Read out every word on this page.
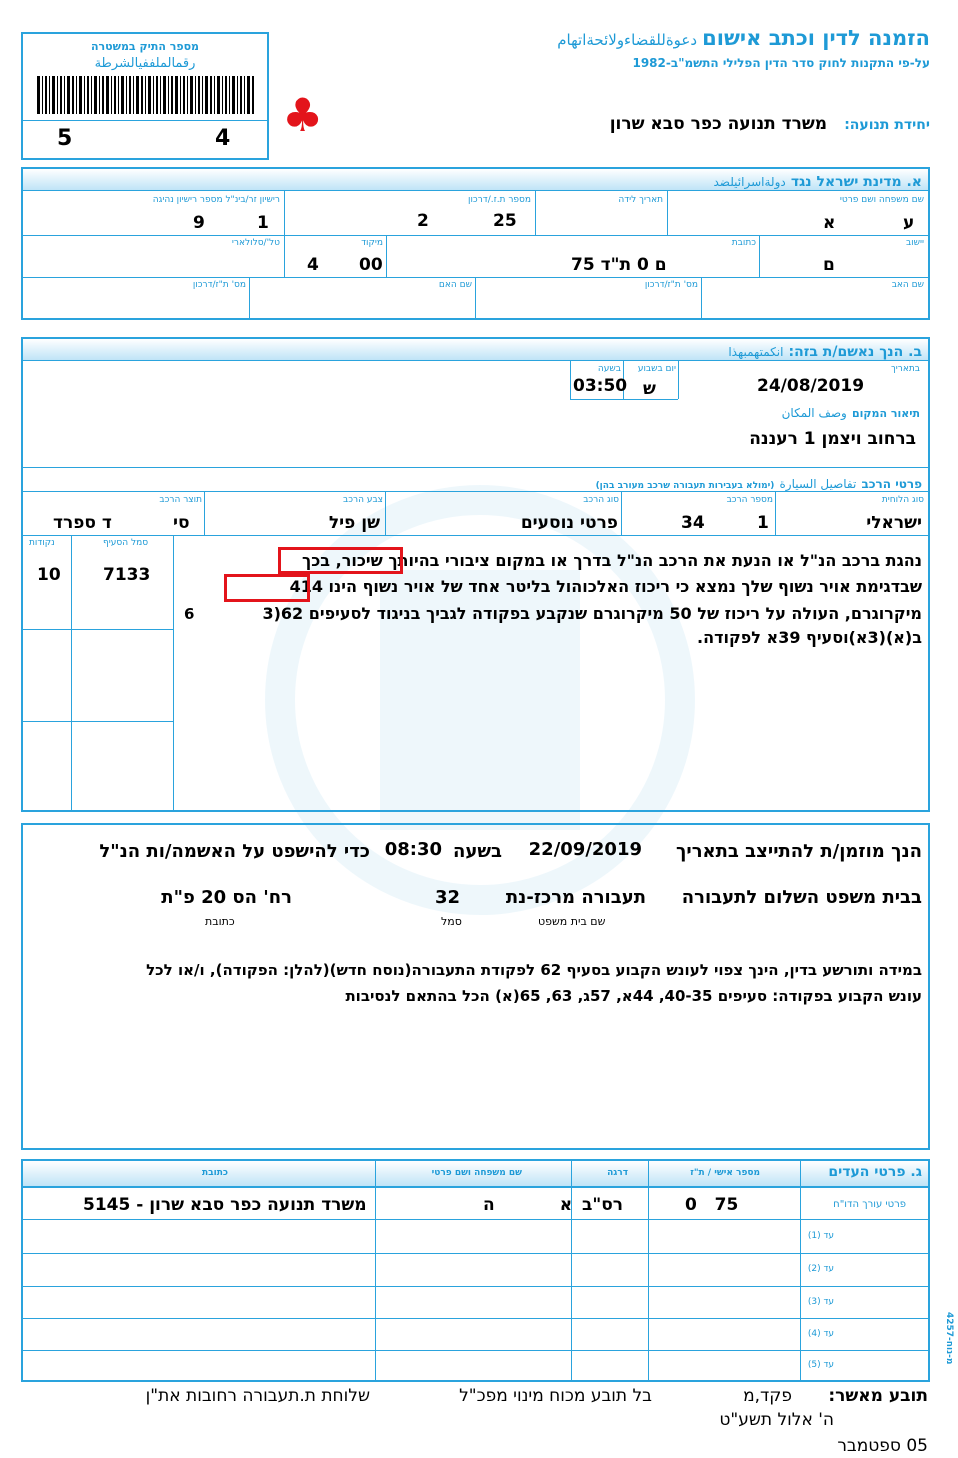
מספר התיק במשטרה
رقمالملففيالشرطة
5	4 ♣
הזמנה לדין וכתב אישום دعوةللقضاءولائحةاتهام
על-פי התקנות לחוק סדר הדין הפלילי התשמ"ב-1982
יחידת תנועה: משרד תנועה כפר סבא שרון
א. מדינת ישראל נגד دولةاسرائيلضد
שם משפחה ושם פרטי
תאריך לידה
מספר ת.ז./דרכון
רישיון זר/בינ"ל מספר רישיון נהיגה
ע
א
25
2
1
9
יישוב
כתובת
מיקוד
טל'/סלולארי
ם
ם 0 ת"ד 75
00
4
שם האב
מס' ת"ז/דרכון
שם האם
מס' ת"ז/דרכון
ב. הנך נאשם/ת בזה: انكمتهمبهذا
בתאריך
יום בשבוע
בשעה
24/08/2019
ש
03:50
תיאור המקום وصف المكان
ברחוב ויצמן 1 רעננה
פרטי הרכב تفاصيل السيارة (ימולא בעבירות תעבורה שרכב מעורב בהן)
סוג הלוחית
מספר הרכב
סוג הרכב
צבע הרכב
תוצר הרכב
ישראלי
1
34
פרטי נוסעים
שן פיל
סי
ד ספרד
נקודות	סמל הסעיף
10 7133
6
נהגת ברכב הנ"ל או הנעת את הרכב הנ"ל בדרך או במקום ציבורי בהיותך שיכור, בכך
שבדגימת אויר נשוף שלך נמצא כי ריכוז האלכוהול בליטר אחד של אויר נשוף הינו 414
מיקרוגרם, העולה על ריכוז של 50 מיקרוגרם שנקבע בפקודה לגביך בניגוד לסעיפים 62(3
ב(א)(3א)וסעיף 39א לפקודה.
הנך מוזמן/ת להתייצב בתאריך
22/09/2019
בשעה
08:30
כדי להישפט על האשמה/ות הנ"ל
בבית משפט השלום לתעבורה
תעבורה מרכז-נת
32
רח' הס 20 פ"ת
שם בית משפט
סמל
כתובת
במידה ותורשע בדין, הינך צפוי לעונש הקבוע בסעיף 62 לפקודת התעבורה(נוסח חדש)(להלן: הפקודה), ו/או לכל
עונש הקבוע בפקודה: סעיפים 40-35, 44א, 57ג, 63, 65(א) הכל בהתאם לנסיבות
ג. פרטי העדים
מספר אישי / ת"ז
דרגה
שם משפחה ושם פרטי
כתובת
פרטי עורך הדו"ח
75   0
רס"ב
א           ה
משרד תנועה כפר סבא שרון - 5145
עד (1)
עד (2)
עד (3)
עד (4)
עד (5)
4257-מ-נוח
תובע מאשר:
פקד,מ
בל תובע מכוח מינוי מפכ"ל
שלוחת ת.תעבורה רחובות את"ן
ה' אלול תשע"ט
05 ספטמבר
